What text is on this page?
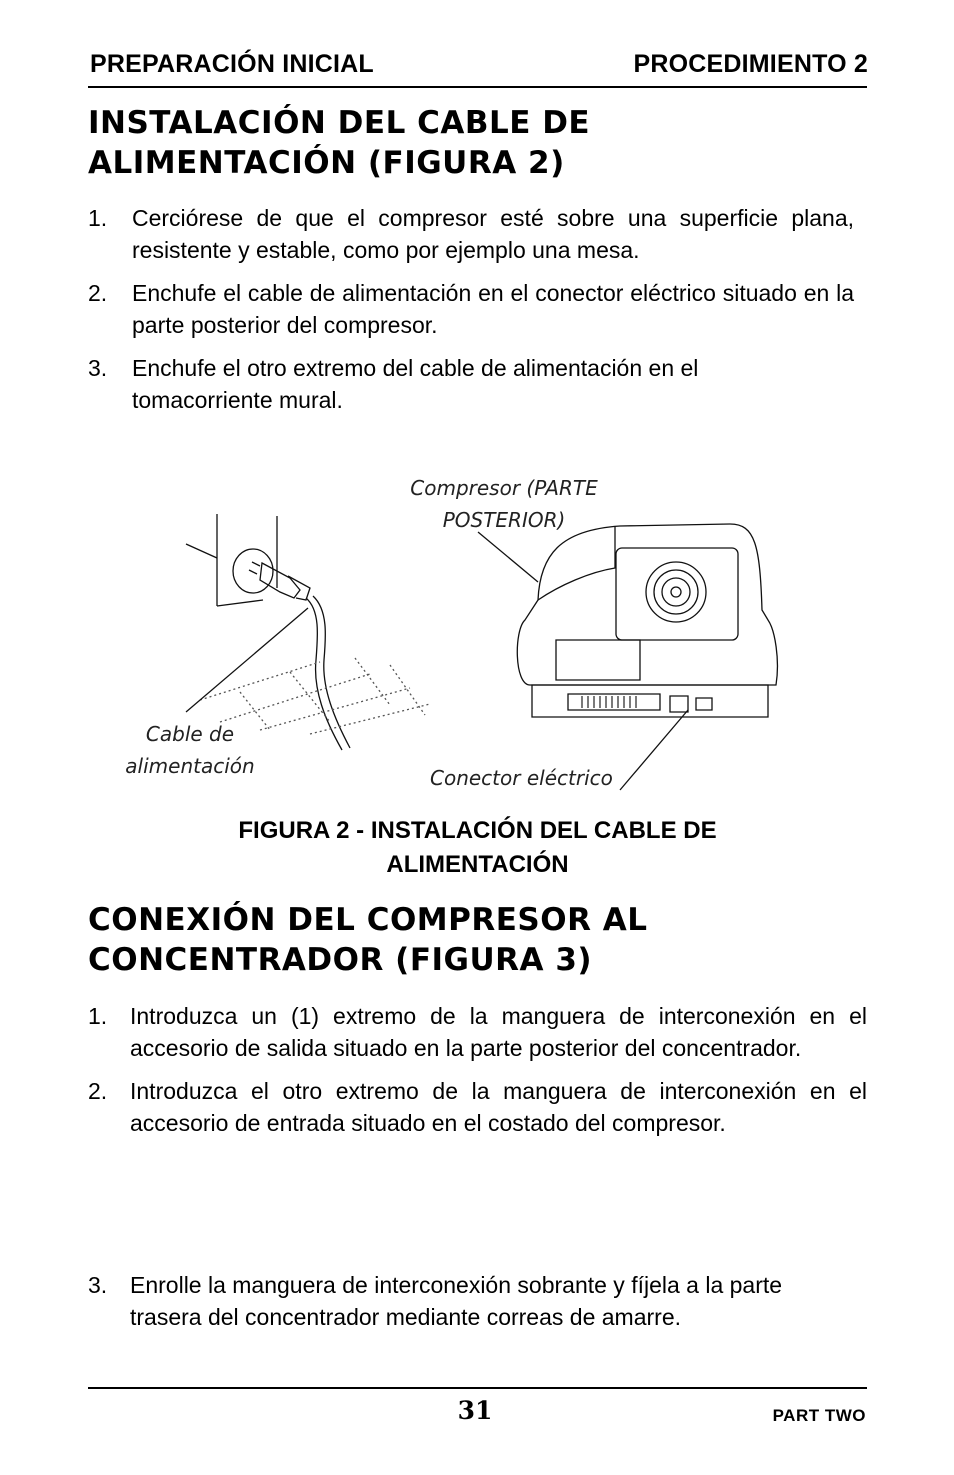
PREPARACIÓN INICIAL	PROCEDIMIENTO 2
INSTALACIÓN DEL CABLE DE
ALIMENTACIÓN (FIGURA 2)
1. Cerciórese de que el compresor esté sobre una superficie plana, resistente y estable, como por ejemplo una mesa.
2. Enchufe el cable de alimentación en el conector eléctrico situado en la parte posterior del compresor.
3. Enchufe el otro extremo del cable de alimentación en el tomacorriente mural.
Compresor (PARTE
POSTERIOR)
Cable de
alimentación	Conector eléctrico
FIGURA 2 - INSTALACIÓN DEL CABLE DE
ALIMENTACIÓN
CONEXIÓN DEL COMPRESOR AL
CONCENTRADOR (FIGURA 3)
1. Introduzca un (1) extremo de la manguera de interconexión en el accesorio de salida situado en la parte posterior del concentrador.
2. Introduzca el otro extremo de la manguera de interconexión en el accesorio de entrada situado en el costado del compresor.
3. Enrolle la manguera de interconexión sobrante y fíjela a la parte trasera del concentrador mediante correas de amarre.
31	PART TWO
